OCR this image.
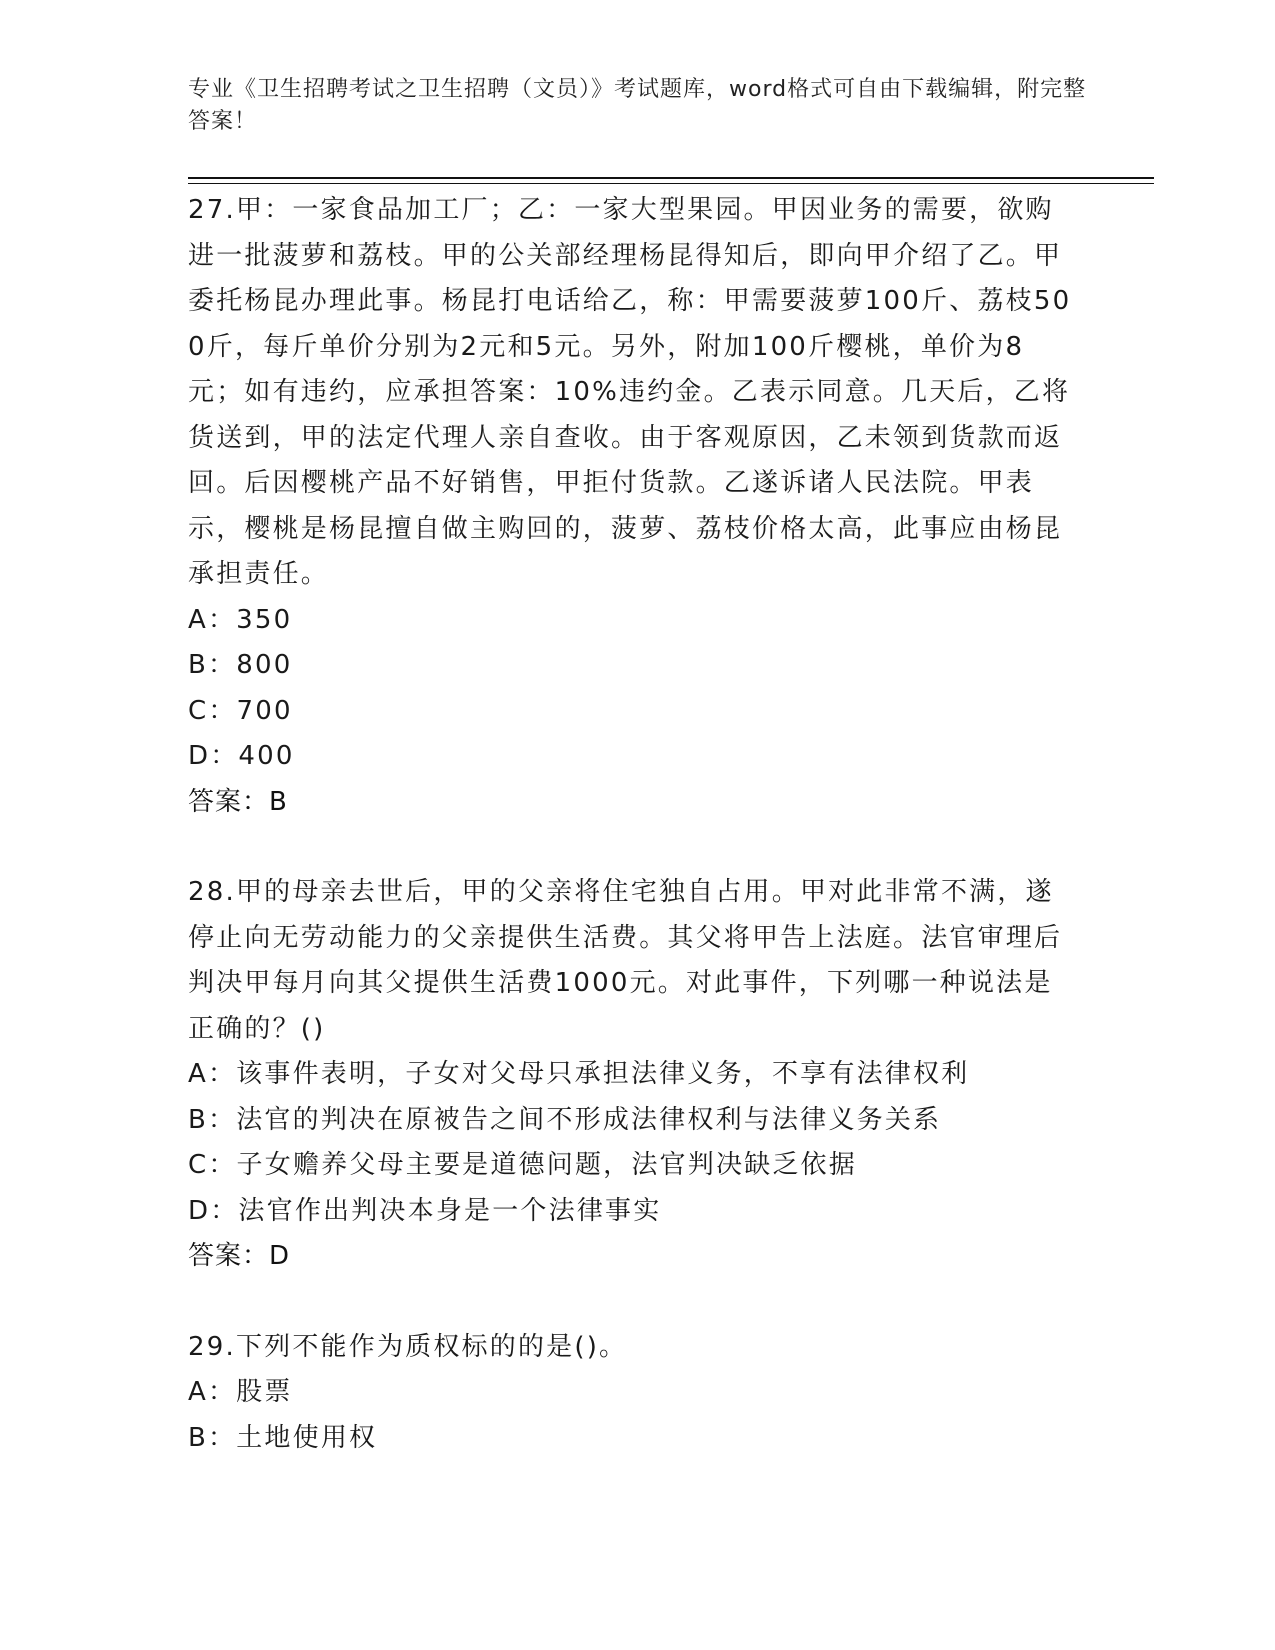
专业《卫生招聘考试之卫生招聘（文员）》考试题库，word格式可自由下载编辑，附完整答案！

27.甲：一家食品加工厂；乙：一家大型果园。甲因业务的需要，欲购进一批菠萝和荔枝。甲的公关部经理杨昆得知后，即向甲介绍了乙。甲委托杨昆办理此事。杨昆打电话给乙，称：甲需要菠萝100斤、荔枝500斤，每斤单价分别为2元和5元。另外，附加100斤樱桃，单价为8元；如有违约，应承担答案：10%违约金。乙表示同意。几天后，乙将货送到，甲的法定代理人亲自查收。由于客观原因，乙未领到货款而返回。后因樱桃产品不好销售，甲拒付货款。乙遂诉诸人民法院。甲表示，樱桃是杨昆擅自做主购回的，菠萝、荔枝价格太高，此事应由杨昆承担责任。

A：350

B：800

C：700

D：400

答案：B

28.甲的母亲去世后，甲的父亲将住宅独自占用。甲对此非常不满，遂停止向无劳动能力的父亲提供生活费。其父将甲告上法庭。法官审理后判决甲每月向其父提供生活费1000元。对此事件，下列哪一种说法是正确的？()

A：该事件表明，子女对父母只承担法律义务，不享有法律权利

B：法官的判决在原被告之间不形成法律权利与法律义务关系

C：子女赡养父母主要是道德问题，法官判决缺乏依据

D：法官作出判决本身是一个法律事实

答案：D

29.下列不能作为质权标的的是()。

A：股票

B：土地使用权
